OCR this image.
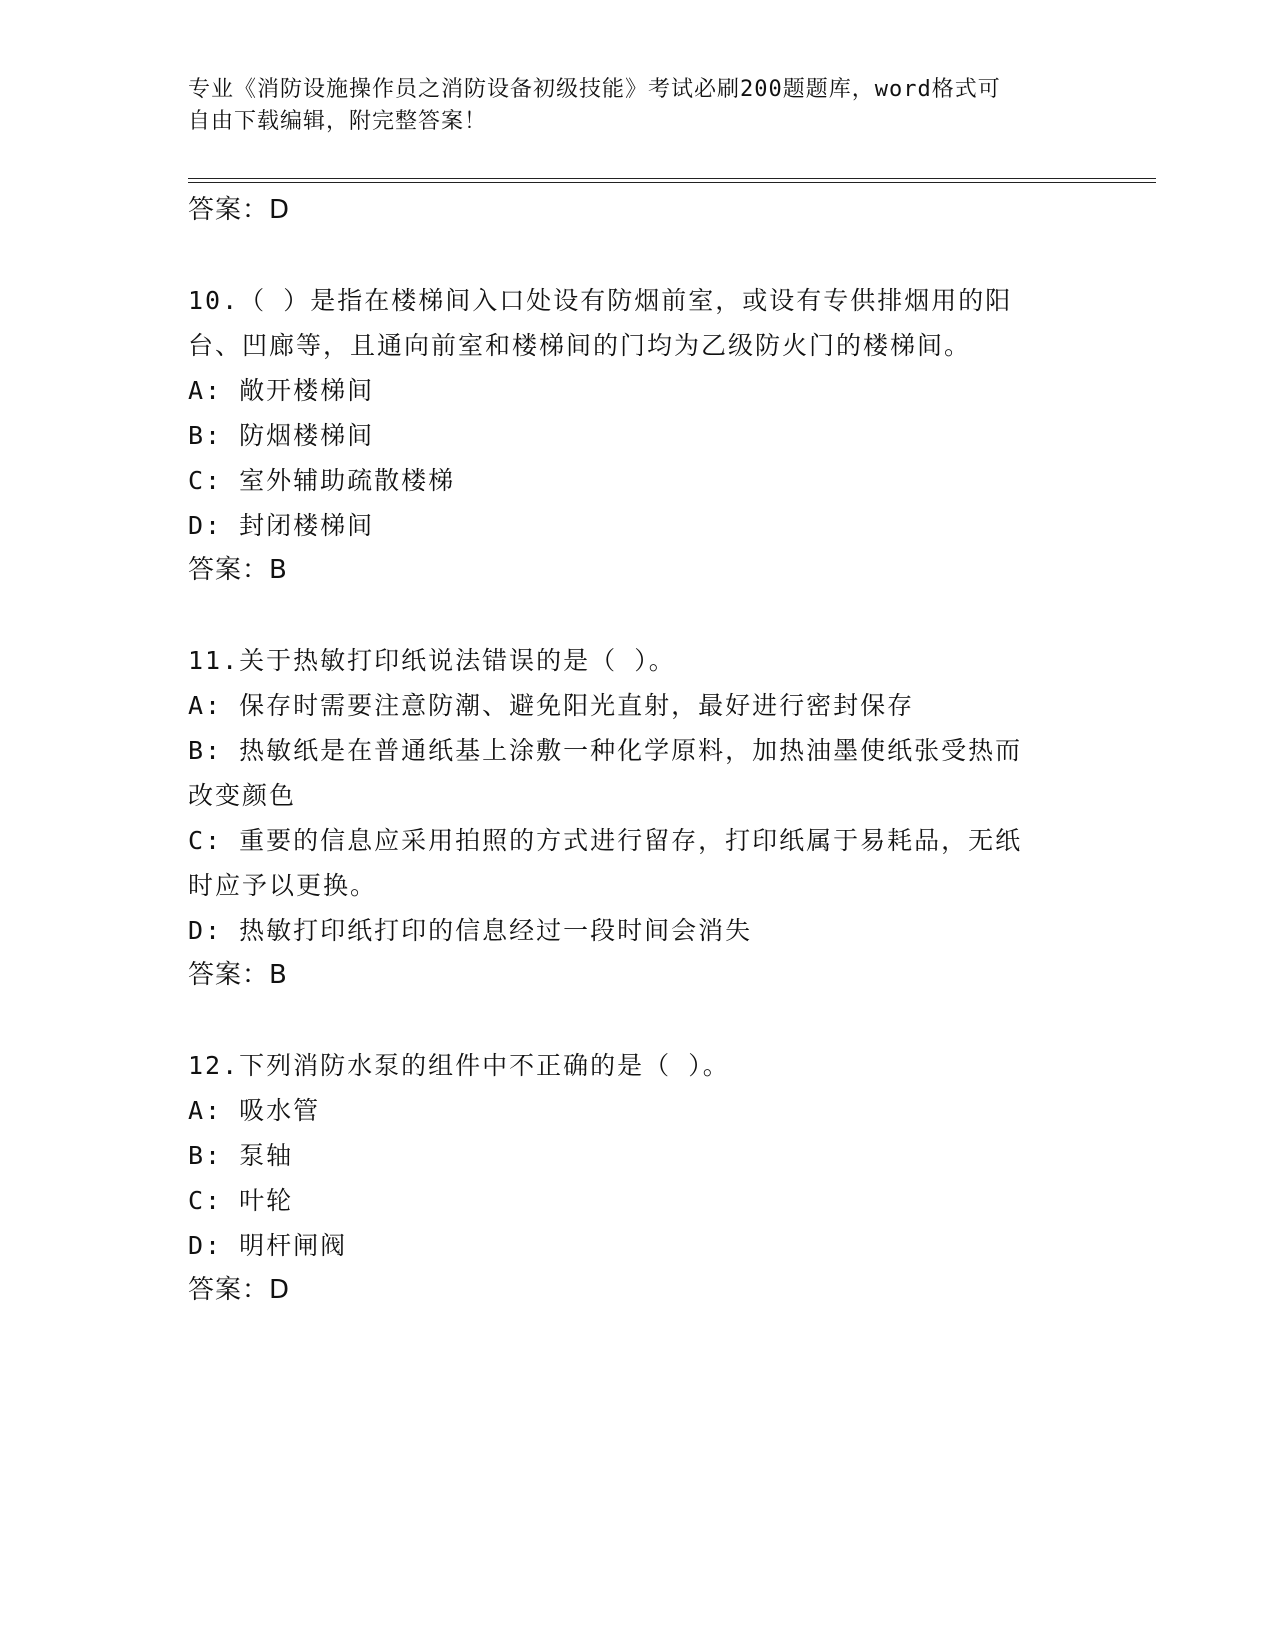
专业《消防设施操作员之消防设备初级技能》考试必刷200题题库，word格式可
自由下载编辑，附完整答案！
答案：D
10.（ ）是指在楼梯间入口处设有防烟前室，或设有专供排烟用的阳
台、凹廊等，且通向前室和楼梯间的门均为乙级防火门的楼梯间。
A: 敞开楼梯间
B: 防烟楼梯间
C: 室外辅助疏散楼梯
D: 封闭楼梯间
答案：B
11.关于热敏打印纸说法错误的是（ ）。
A: 保存时需要注意防潮、避免阳光直射，最好进行密封保存
B: 热敏纸是在普通纸基上涂敷一种化学原料，加热油墨使纸张受热而
改变颜色
C: 重要的信息应采用拍照的方式进行留存，打印纸属于易耗品，无纸
时应予以更换。
D: 热敏打印纸打印的信息经过一段时间会消失
答案：B
12.下列消防水泵的组件中不正确的是（ ）。
A: 吸水管
B: 泵轴
C: 叶轮
D: 明杆闸阀
答案：D
